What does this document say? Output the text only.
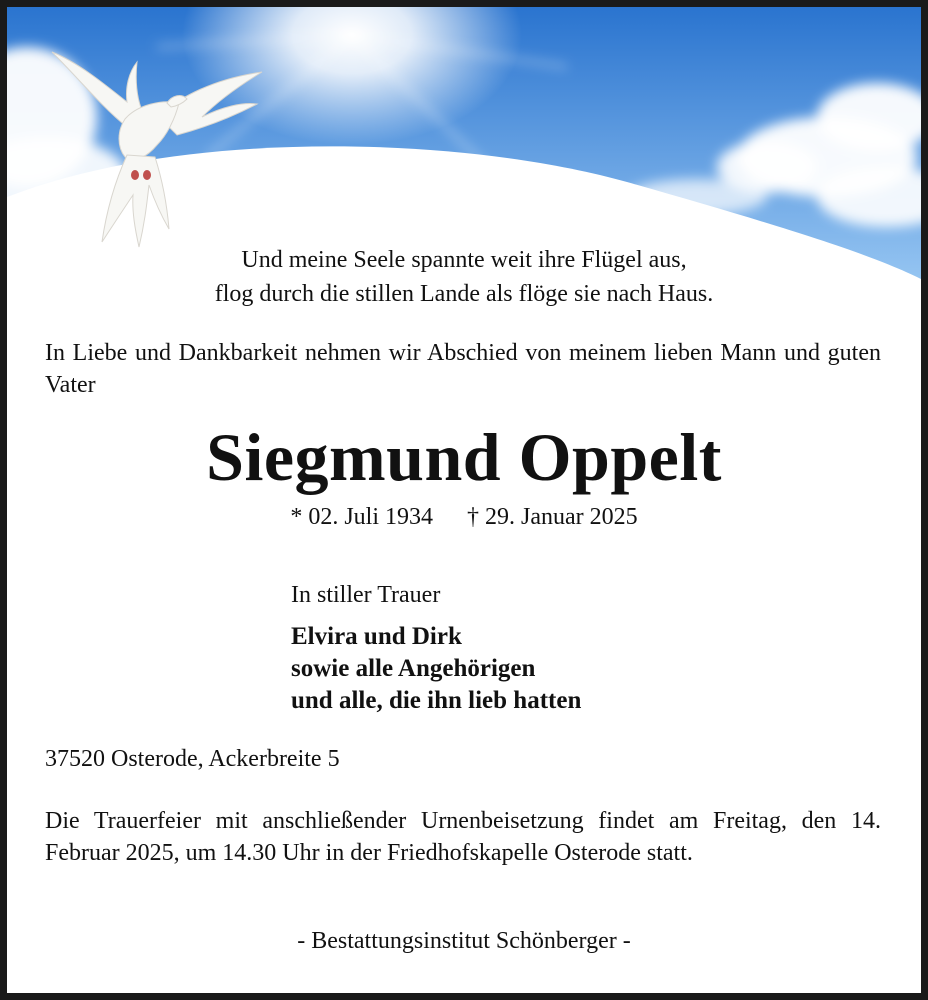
Und meine Seele spannte weit ihre Flügel aus,

flog durch die stillen Lande als flöge sie nach Haus.

In Liebe und Dankbarkeit nehmen wir Abschied von meinem lieben Mann und guten Vater

Siegmund Oppelt

* 02. Juli 1934 † 29. Januar 2025

In stiller Trauer

Elvira und Dirk

sowie alle Angehörigen

und alle, die ihn lieb hatten

37520 Osterode, Ackerbreite 5

Die Trauerfeier mit anschließender Urnenbeisetzung findet am Freitag, den 14. Februar 2025, um 14.30 Uhr in der Friedhofskapelle Osterode statt.

- Bestattungsinstitut Schönberger -
